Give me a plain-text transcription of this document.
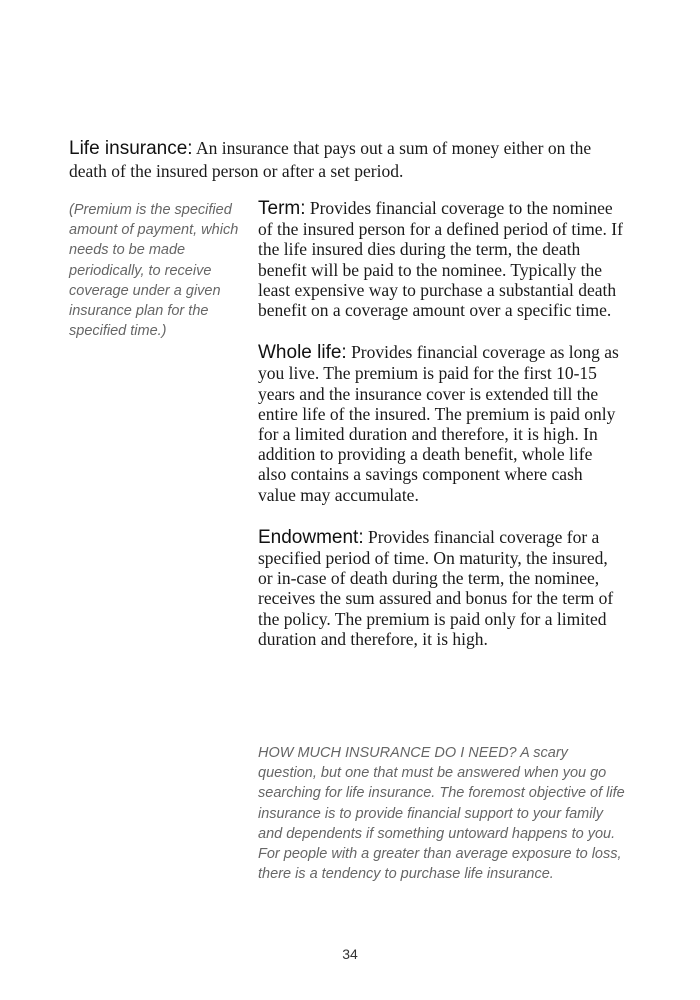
Life insurance: An insurance that pays out a sum of money either on the death of the insured person or after a set period.

(Premium is the specified amount of payment, which needs to be made periodically, to receive coverage under a given insurance plan for the specified time.)

Term: Provides financial coverage to the nominee of the insured person for a defined period of time. If the life insured dies during the term, the death benefit will be paid to the nominee. Typically the least expensive way to purchase a substantial death benefit on a coverage amount over a specific time.

Whole life: Provides financial coverage as long as you live. The premium is paid for the first 10-15 years and the insurance cover is extended till the entire life of the insured. The premium is paid only for a limited duration and therefore, it is high. In addition to providing a death benefit, whole life also contains a savings component where cash value may accumulate.

Endowment: Provides financial coverage for a specified period of time. On maturity, the insured, or in-case of death during the term, the nominee, receives the sum assured and bonus for the term of the policy. The premium is paid only for a limited duration and therefore, it is high.

HOW MUCH INSURANCE DO I NEED? A scary question, but one that must be answered when you go searching for life insurance. The foremost objective of life insurance is to provide financial support to your family and dependents if something untoward happens to you. For people with a greater than average exposure to loss, there is a tendency to purchase life insurance.

34
